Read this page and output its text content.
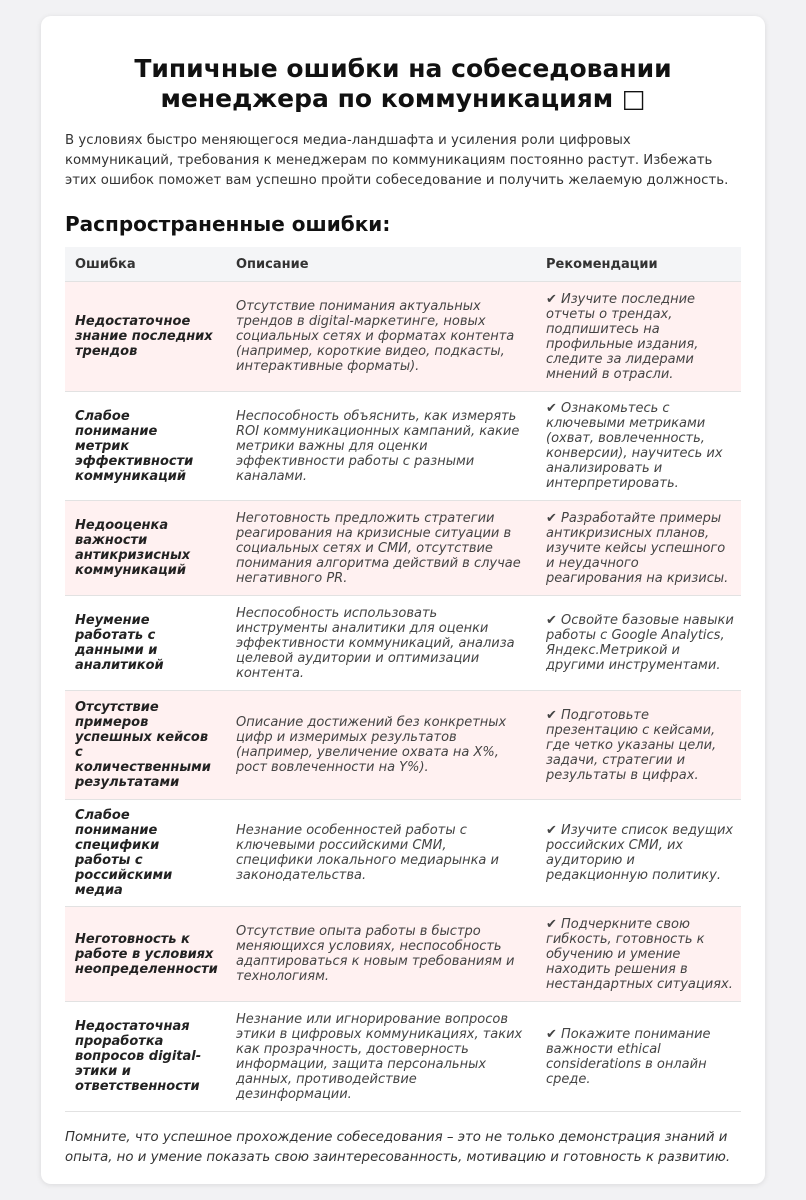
Типичные ошибки на собеседовании
менеджера по коммуникациям □

В условиях быстро меняющегося медиа-ландшафта и усиления роли цифровых коммуникаций, требования к менеджерам по коммуникациям постоянно растут. Избежать этих ошибок поможет вам успешно пройти собеседование и получить желаемую должность.

Распространенные ошибки:
Ошибка	Описание	Рекомендации
Недостаточное знание последних трендов	Отсутствие понимания актуальных трендов в digital-маркетинге, новых социальных сетях и форматах контента (например, короткие видео, подкасты, интерактивные форматы).	✔ Изучите последние отчеты о трендах, подпишитесь на профильные издания, следите за лидерами мнений в отрасли.
Слабое понимание метрик эффективности коммуникаций	Неспособность объяснить, как измерять ROI коммуникационных кампаний, какие метрики важны для оценки эффективности работы с разными каналами.	✔ Ознакомьтесь с ключевыми метриками (охват, вовлеченность, конверсии), научитесь их анализировать и интерпретировать.
Недооценка важности антикризисных коммуникаций	Неготовность предложить стратегии реагирования на кризисные ситуации в социальных сетях и СМИ, отсутствие понимания алгоритма действий в случае негативного PR.	✔ Разработайте примеры антикризисных планов, изучите кейсы успешного и неудачного реагирования на кризисы.
Неумение работать с данными и аналитикой	Неспособность использовать инструменты аналитики для оценки эффективности коммуникаций, анализа целевой аудитории и оптимизации контента.	✔ Освойте базовые навыки работы с Google Analytics, Яндекс.Метрикой и другими инструментами.
Отсутствие примеров успешных кейсов с количественными результатами	Описание достижений без конкретных цифр и измеримых результатов (например, увеличение охвата на X%, рост вовлеченности на Y%).	✔ Подготовьте презентацию с кейсами, где четко указаны цели, задачи, стратегии и результаты в цифрах.
Слабое понимание специфики работы с российскими медиа	Незнание особенностей работы с ключевыми российскими СМИ, специфики локального медиарынка и законодательства.	✔ Изучите список ведущих российских СМИ, их аудиторию и редакционную политику.
Неготовность к работе в условиях неопределенности	Отсутствие опыта работы в быстро меняющихся условиях, неспособность адаптироваться к новым требованиям и технологиям.	✔ Подчеркните свою гибкость, готовность к обучению и умение находить решения в нестандартных ситуациях.
Недостаточная проработка вопросов digital-этики и ответственности	Незнание или игнорирование вопросов этики в цифровых коммуникациях, таких как прозрачность, достоверность информации, защита персональных данных, противодействие дезинформации.	✔ Покажите понимание важности ethical considerations в онлайн среде.

Помните, что успешное прохождение собеседования – это не только демонстрация знаний и опыта, но и умение показать свою заинтересованность, мотивацию и готовность к развитию.
